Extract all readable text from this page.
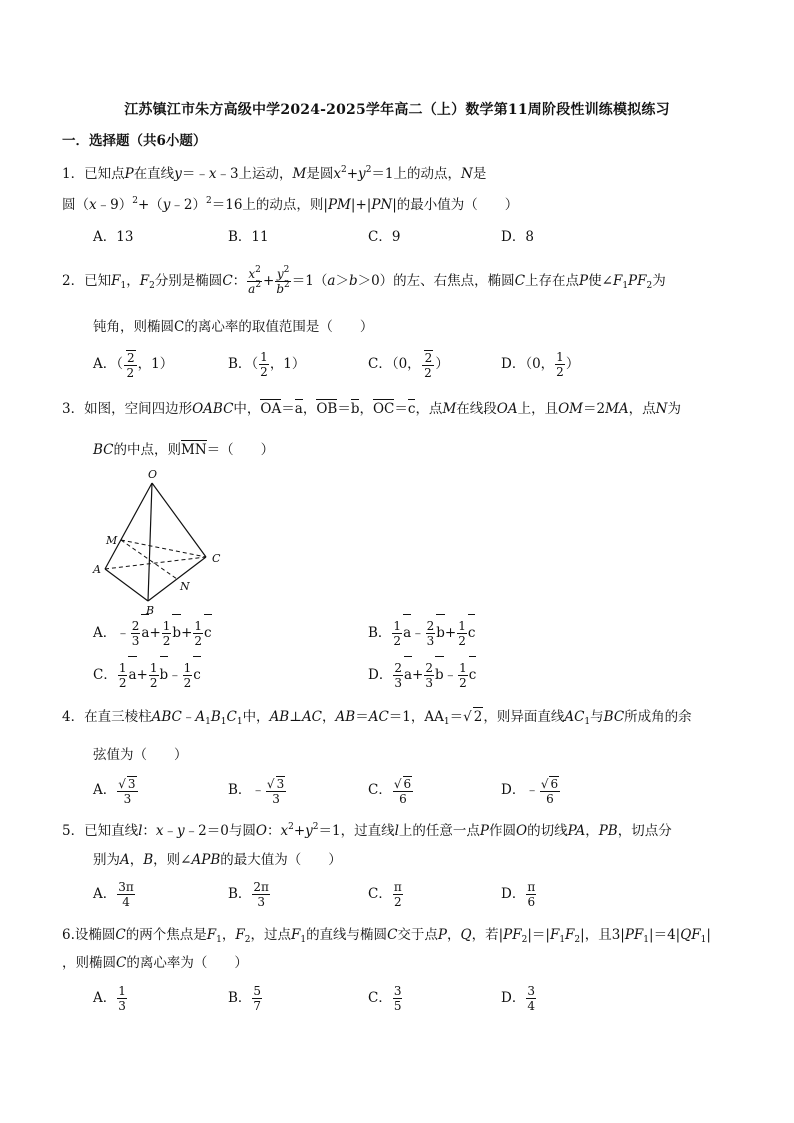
江苏镇江市朱方高级中学2024-2025学年高二（上）数学第11周阶段性训练模拟练习
一．选择题（共6小题）
1．已知点P在直线y＝﹣x﹣3上运动，M是圆$x^2+y^2=1$上的动点，N是
圆（x﹣9）$^2$+（y﹣2）$^2$＝16上的动点，则|PM|+|PN|的最小值为（　　）
A．13	B．11	C．9	D．8
2．已知$F_1$，$F_2$分别是椭圆C： $\frac{x^2}{a^2} + \frac{y^2}{b^2} =1(a>b>0)$的左、右焦点，椭圆C上存在点P使$\angle F_1PF_2$为
钝角，则椭圆C的离心率的取值范围是（　　）
A．（ $\frac{2}{2}$ ，1）	B．（ $\frac{1}{2}$ ，1）	C．（0， $\frac{2}{2}$ ）	D．（0， $\frac{1}{2}$ ）
3．如图，空间四边形OABC中，OA＝a，OB＝b，OC＝c，点M在线段OA上，且OM＝2MA，点N为
BC的中点，则MN＝（　　）
O
M
A
B
C
N
A．﹣ $\frac{2}{3} a+ \frac{1}{2} b+ \frac{1}{2}$ c	B． $\frac{1}{2}$ a﹣ $\frac{2}{3} b+ \frac{1}{2}$ c
C． $\frac{1}{2} a+ \frac{1}{2}$ b﹣ $\frac{1}{2}$ c	D． $\frac{2}{3} a+ \frac{2}{3}$ b﹣ $\frac{1}{2}$ c
4．在直三棱柱$ABC﹣A_1B_1C_1$中，AB⊥AC，AB＝AC＝1，$AA_1=√$ 2，则异面直线$AC_1$与BC所成角的余
弦值为（　　）
A． $\frac{√ 3}{3}$	B．﹣ $\frac{√ 3}{3}$	C． $\frac{√ 6}{6}$	D．﹣ $\frac{√ 6}{6}$
5．已知直线l：x﹣y﹣2＝0与圆O：$x^2+y^2=1$，过直线l上的任意一点P作圆O的切线PA，PB，切点分
别为A，B，则∠APB的最大值为（　　）
A． $\frac{3\pi}{4}$	B． $\frac{2\pi}{3}$	C． $\frac{\pi}{2}$	D． $\frac{\pi}{6}$
6.设椭圆C的两个焦点是$F_1$，$F_2$，过点$F_1$的直线与椭圆C交于点P，Q，若$|PF_2|=|F_1F_2|$，且$3|PF_1|=4|QF_1|$
，则椭圆C的离心率为（　　）
A． $\frac{1}{3}$	B． $\frac{5}{7}$	C． $\frac{3}{5}$	D． $\frac{3}{4}$
